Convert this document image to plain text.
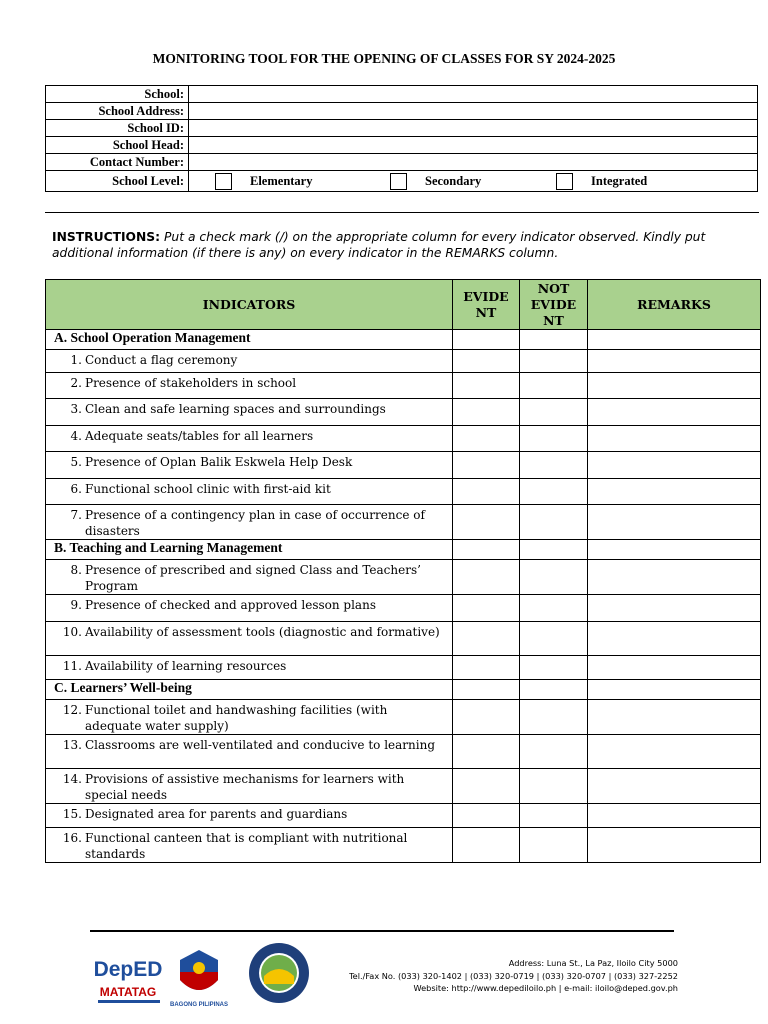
MONITORING TOOL FOR THE OPENING OF CLASSES FOR SY 2024-2025
School:	
School Address:	
School ID:	
School Head:	
Contact Number:	
School Level:	Elementary Secondary Integrated
INSTRUCTIONS: Put a check mark (/) on the appropriate column for every indicator observed. Kindly put additional information (if there is any) on every indicator in the REMARKS column.
INDICATORS	EVIDE NT	NOT EVIDE NT	REMARKS
A. School Operation Management			

1. Conduct a flag ceremony			

2. Presence of stakeholders in school			

3. Clean and safe learning spaces and surroundings			

4. Adequate seats/tables for all learners			

5. Presence of Oplan Balik Eskwela Help Desk			

6. Functional school clinic with first-aid kit			

7. Presence of a contingency plan in case of occurrence of disasters			

B. Teaching and Learning Management			

8. Presence of prescribed and signed Class and Teachers’ Program			

9. Presence of checked and approved lesson plans			

10. Availability of assessment tools (diagnostic and formative)			

11. Availability of learning resources			

C. Learners’ Well-being			

12. Functional toilet and handwashing facilities (with adequate water supply)			

13. Classrooms are well-ventilated and conducive to learning			

14. Provisions of assistive mechanisms for learners with special needs			

15. Designated area for parents and guardians			

16. Functional canteen that is compliant with nutritional standards			

DepED
MATATAG
BAGONG PILIPINAS
Address: Luna St., La Paz, Iloilo City 5000
Tel./Fax No. (033) 320-1402 | (033) 320-0719 | (033) 320-0707 | (033) 327-2252
Website: http://www.depediloilo.ph | e-mail: iloilo@deped.gov.ph
